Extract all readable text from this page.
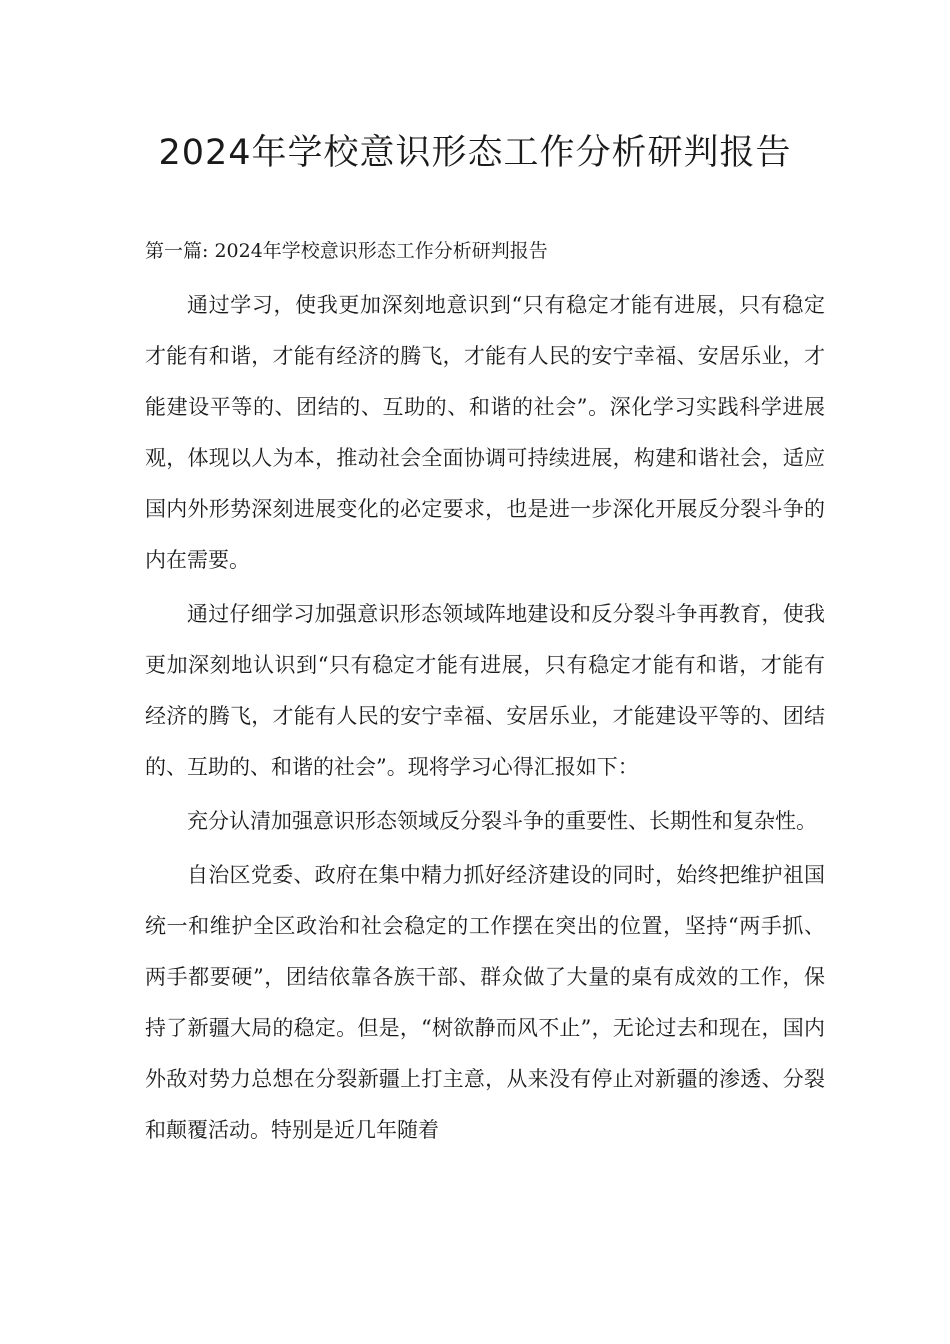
2024年学校意识形态工作分析研判报告

第一篇: 2024年学校意识形态工作分析研判报告

通过学习，使我更加深刻地意识到“只有稳定才能有进展，只有稳定才能有和谐，才能有经济的腾飞，才能有人民的安宁幸福、安居乐业，才能建设平等的、团结的、互助的、和谐的社会”。深化学习实践科学进展观，体现以人为本，推动社会全面协调可持续进展，构建和谐社会，适应国内外形势深刻进展变化的必定要求，也是进一步深化开展反分裂斗争的内在需要。

通过仔细学习加强意识形态领域阵地建设和反分裂斗争再教育，使我更加深刻地认识到“只有稳定才能有进展，只有稳定才能有和谐，才能有经济的腾飞，才能有人民的安宁幸福、安居乐业，才能建设平等的、团结的、互助的、和谐的社会”。现将学习心得汇报如下：

充分认清加强意识形态领域反分裂斗争的重要性、长期性和复杂性。

自治区党委、政府在集中精力抓好经济建设的同时，始终把维护祖国统一和维护全区政治和社会稳定的工作摆在突出的位置，坚持“两手抓、两手都要硬”，团结依靠各族干部、群众做了大量的桌有成效的工作，保持了新疆大局的稳定。但是，“树欲静而风不止”，无论过去和现在，国内外敌对势力总想在分裂新疆上打主意，从来没有停止对新疆的渗透、分裂和颠覆活动。特别是近几年随着
